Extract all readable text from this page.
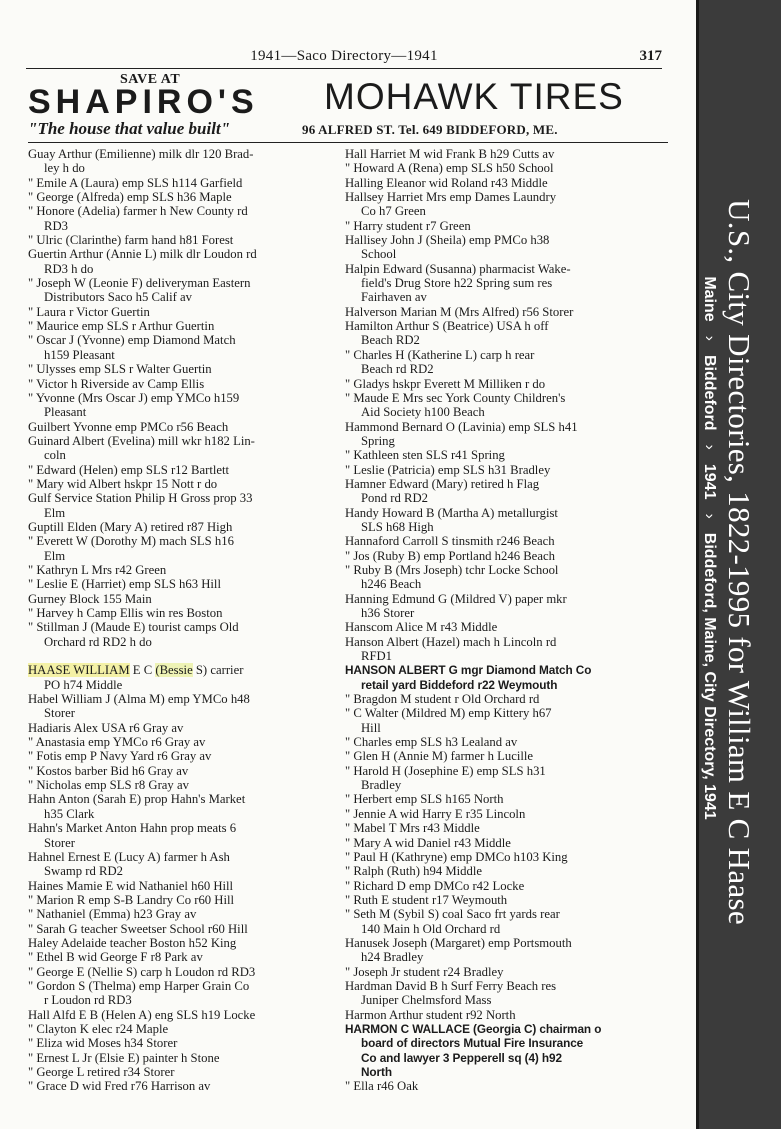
1941—Saco Directory—1941	317
SAVE AT
SHAPIRO'S MOHAWK TIRES
"The house that value built"	96 ALFRED ST. Tel. 649 BIDDEFORD, ME.
Guay Arthur (Emilienne) milk dlr 120 Brad-
ley h do
" Emile A (Laura) emp SLS h114 Garfield
" George (Alfreda) emp SLS h36 Maple
" Honore (Adelia) farmer h New County rd
RD3
" Ulric (Clarinthe) farm hand h81 Forest
Guertin Arthur (Annie L) milk dlr Loudon rd
RD3 h do
" Joseph W (Leonie F) deliveryman Eastern
Distributors Saco h5 Calif av
" Laura r Victor Guertin
" Maurice emp SLS r Arthur Guertin
" Oscar J (Yvonne) emp Diamond Match
h159 Pleasant
" Ulysses emp SLS r Walter Guertin
" Victor h Riverside av Camp Ellis
" Yvonne (Mrs Oscar J) emp YMCo h159
Pleasant
Guilbert Yvonne emp PMCo r56 Beach
Guinard Albert (Evelina) mill wkr h182 Lin-
coln
" Edward (Helen) emp SLS r12 Bartlett
" Mary wid Albert hskpr 15 Nott r do
Gulf Service Station Philip H Gross prop 33
Elm
Guptill Elden (Mary A) retired r87 High
" Everett W (Dorothy M) mach SLS h16
Elm
" Kathryn L Mrs r42 Green
" Leslie E (Harriet) emp SLS h63 Hill
Gurney Block 155 Main
" Harvey h Camp Ellis win res Boston
" Stillman J (Maude E) tourist camps Old
Orchard rd RD2 h do
HAASE WILLIAM E C (Bessie S) carrier
PO h74 Middle
Habel William J (Alma M) emp YMCo h48
Storer
Hadiaris Alex USA r6 Gray av
" Anastasia emp YMCo r6 Gray av
" Fotis emp P Navy Yard r6 Gray av
" Kostos barber Bid h6 Gray av
" Nicholas emp SLS r8 Gray av
Hahn Anton (Sarah E) prop Hahn's Market
h35 Clark
Hahn's Market Anton Hahn prop meats 6
Storer
Hahnel Ernest E (Lucy A) farmer h Ash
Swamp rd RD2
Haines Mamie E wid Nathaniel h60 Hill
" Marion R emp S-B Landry Co r60 Hill
" Nathaniel (Emma) h23 Gray av
" Sarah G teacher Sweetser School r60 Hill
Haley Adelaide teacher Boston h52 King
" Ethel B wid George F r8 Park av
" George E (Nellie S) carp h Loudon rd RD3
" Gordon S (Thelma) emp Harper Grain Co
r Loudon rd RD3
Hall Alfd E B (Helen A) eng SLS h19 Locke
" Clayton K elec r24 Maple
" Eliza wid Moses h34 Storer
" Ernest L Jr (Elsie E) painter h Stone
" George L retired r34 Storer
" Grace D wid Fred r76 Harrison av
Hall Harriet M wid Frank B h29 Cutts av
" Howard A (Rena) emp SLS h50 School
Halling Eleanor wid Roland r43 Middle
Hallsey Harriet Mrs emp Dames Laundry
Co h7 Green
" Harry student r7 Green
Hallisey John J (Sheila) emp PMCo h38
School
Halpin Edward (Susanna) pharmacist Wake-
field's Drug Store h22 Spring sum res
Fairhaven av
Halverson Marian M (Mrs Alfred) r56 Storer
Hamilton Arthur S (Beatrice) USA h off
Beach RD2
" Charles H (Katherine L) carp h rear
Beach rd RD2
" Gladys hskpr Everett M Milliken r do
" Maude E Mrs sec York County Children's
Aid Society h100 Beach
Hammond Bernard O (Lavinia) emp SLS h41
Spring
" Kathleen sten SLS r41 Spring
" Leslie (Patricia) emp SLS h31 Bradley
Hamner Edward (Mary) retired h Flag
Pond rd RD2
Handy Howard B (Martha A) metallurgist
SLS h68 High
Hannaford Carroll S tinsmith r246 Beach
" Jos (Ruby B) emp Portland h246 Beach
" Ruby B (Mrs Joseph) tchr Locke School
h246 Beach
Hanning Edmund G (Mildred V) paper mkr
h36 Storer
Hanscom Alice M r43 Middle
Hanson Albert (Hazel) mach h Lincoln rd
RFD1
HANSON ALBERT G mgr Diamond Match Co
retail yard Biddeford r22 Weymouth
" Bragdon M student r Old Orchard rd
" C Walter (Mildred M) emp Kittery h67
Hill
" Charles emp SLS h3 Lealand av
" Glen H (Annie M) farmer h Lucille
" Harold H (Josephine E) emp SLS h31
Bradley
" Herbert emp SLS h165 North
" Jennie A wid Harry E r35 Lincoln
" Mabel T Mrs r43 Middle
" Mary A wid Daniel r43 Middle
" Paul H (Kathryne) emp DMCo h103 King
" Ralph (Ruth) h94 Middle
" Richard D emp DMCo r42 Locke
" Ruth E student r17 Weymouth
" Seth M (Sybil S) coal Saco frt yards rear
140 Main h Old Orchard rd
Hanusek Joseph (Margaret) emp Portsmouth
h24 Bradley
" Joseph Jr student r24 Bradley
Hardman David B h Surf Ferry Beach res
Juniper Chelmsford Mass
Harmon Arthur student r92 North
HARMON C WALLACE (Georgia C) chairman o
board of directors Mutual Fire Insurance
Co and lawyer 3 Pepperell sq (4) h92
North
" Ella r46 Oak
U.S., City Directories, 1822-1995 for William E C Haase
Maine›Biddeford›1941›Biddeford, Maine, City Directory, 1941
